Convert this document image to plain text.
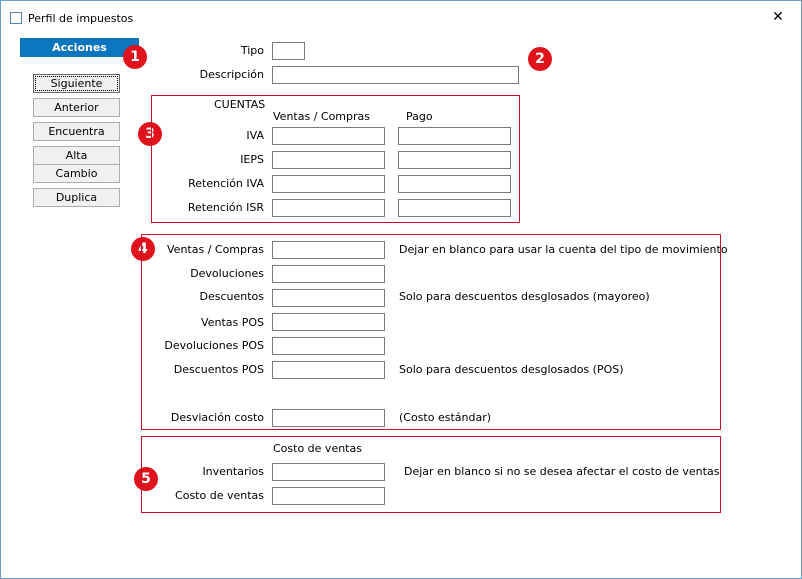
Perfil de impuestos	✕
Acciones
Siguiente
Anterior
Encuentra
Alta
Cambio
Duplica
1	2
3
4
5
Tipo
Descripción
CUENTAS
Ventas / Compras	Pago
IVA
IEPS
Retención IVA
Retención ISR
Ventas / Compras	Dejar en blanco para usar la cuenta del tipo de movimiento
Devoluciones
Descuentos	Solo para descuentos desglosados (mayoreo)
Ventas POS
Devoluciones POS
Descuentos POS	Solo para descuentos desglosados (POS)
Desviación costo	(Costo estándar)
Costo de ventas
Inventarios	Dejar en blanco si no se desea afectar el costo de ventas
Costo de ventas
